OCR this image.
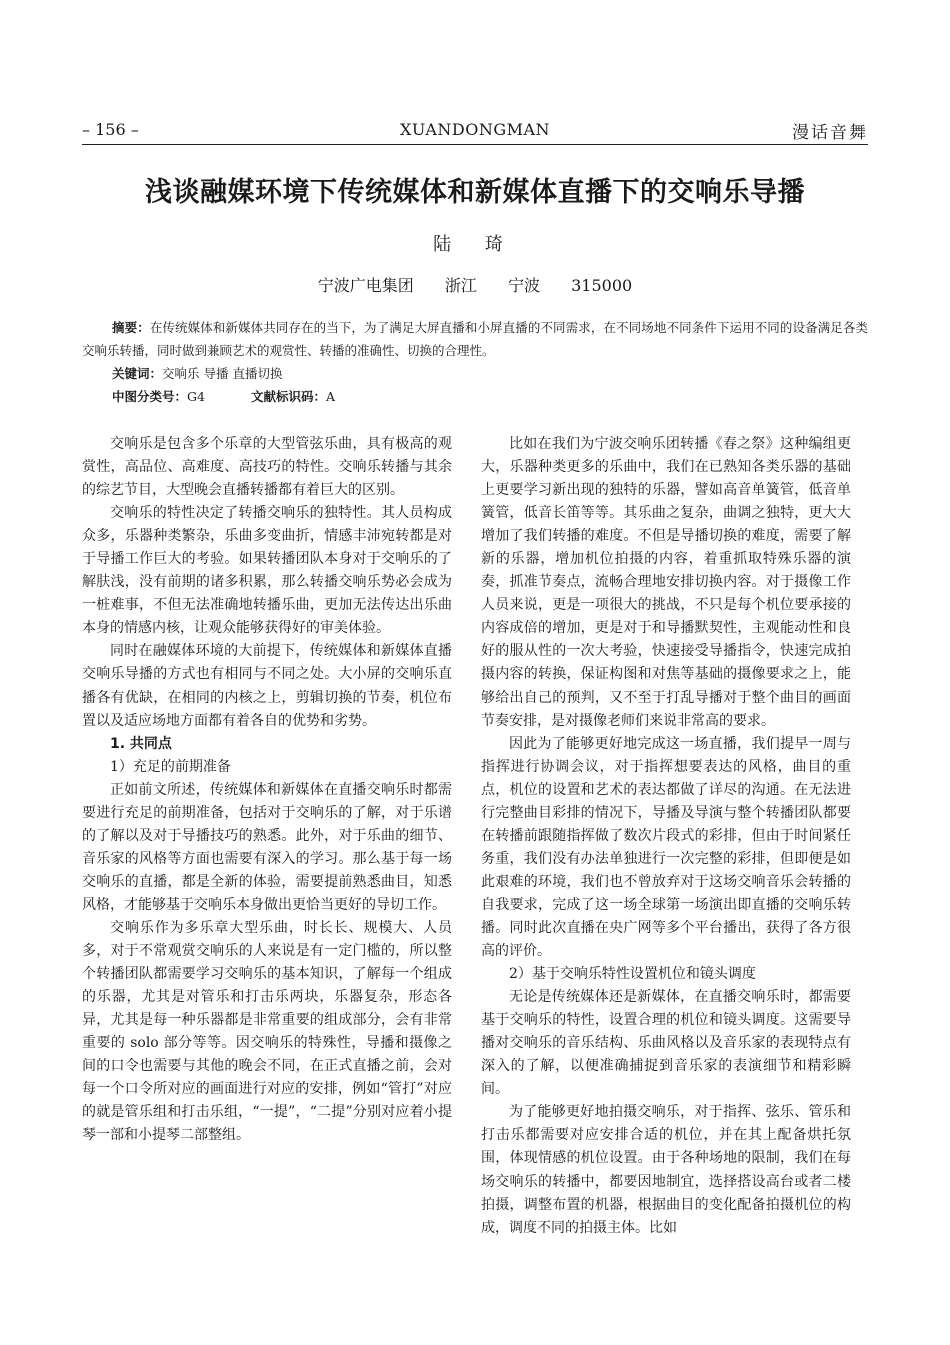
– 156 –	XUANDONGMAN	漫话音舞
浅谈融媒环境下传统媒体和新媒体直播下的交响乐导播
陆 琦
宁波广电集团 浙江 宁波 315000

摘要：在传统媒体和新媒体共同存在的当下，为了满足大屏直播和小屏直播的不同需求，在不同场地不同条件下运用不同的设备满足各类交响乐转播，同时做到兼顾艺术的观赏性、转播的准确性、切换的合理性。

关键词：交响乐 导播 直播切换

中图分类号：G4	文献标识码：A

交响乐是包含多个乐章的大型管弦乐曲，具有极高的观赏性，高品位、高难度、高技巧的特性。交响乐转播与其余的综艺节目，大型晚会直播转播都有着巨大的区别。

交响乐的特性决定了转播交响乐的独特性。其人员构成众多，乐器种类繁杂，乐曲多变曲折，情感丰沛宛转都是对于导播工作巨大的考验。如果转播团队本身对于交响乐的了解肤浅，没有前期的诸多积累，那么转播交响乐势必会成为一桩难事，不但无法准确地转播乐曲，更加无法传达出乐曲本身的情感内核，让观众能够获得好的审美体验。

同时在融媒体环境的大前提下，传统媒体和新媒体直播交响乐导播的方式也有相同与不同之处。大小屏的交响乐直播各有优缺，在相同的内核之上，剪辑切换的节奏，机位布置以及适应场地方面都有着各自的优势和劣势。

1. 共同点

1）充足的前期准备

正如前文所述，传统媒体和新媒体在直播交响乐时都需要进行充足的前期准备，包括对于交响乐的了解，对于乐谱的了解以及对于导播技巧的熟悉。此外，对于乐曲的细节、音乐家的风格等方面也需要有深入的学习。那么基于每一场交响乐的直播，都是全新的体验，需要提前熟悉曲目，知悉风格，才能够基于交响乐本身做出更恰当更好的导切工作。

交响乐作为多乐章大型乐曲，时长长、规模大、人员多，对于不常观赏交响乐的人来说是有一定门槛的，所以整个转播团队都需要学习交响乐的基本知识，了解每一个组成的乐器，尤其是对管乐和打击乐两块，乐器复杂，形态各异，尤其是每一种乐器都是非常重要的组成部分，会有非常重要的 solo 部分等等。因交响乐的特殊性，导播和摄像之间的口令也需要与其他的晚会不同，在正式直播之前，会对每一个口令所对应的画面进行对应的安排，例如“管打”对应的就是管乐组和打击乐组，“一提”，“二提”分别对应着小提琴一部和小提琴二部整组。

比如在我们为宁波交响乐团转播《春之祭》这种编组更大，乐器种类更多的乐曲中，我们在已熟知各类乐器的基础上更要学习新出现的独特的乐器，譬如高音单簧管，低音单簧管，低音长笛等等。其乐曲之复杂，曲调之独特，更大大增加了我们转播的难度。不但是导播切换的难度，需要了解新的乐器，增加机位拍摄的内容，着重抓取特殊乐器的演奏，抓准节奏点，流畅合理地安排切换内容。对于摄像工作人员来说，更是一项很大的挑战，不只是每个机位要承接的内容成倍的增加，更是对于和导播默契性，主观能动性和良好的服从性的一次大考验，快速接受导播指令，快速完成拍摄内容的转换，保证构图和对焦等基础的摄像要求之上，能够给出自己的预判，又不至于打乱导播对于整个曲目的画面节奏安排，是对摄像老师们来说非常高的要求。

因此为了能够更好地完成这一场直播，我们提早一周与指挥进行协调会议，对于指挥想要表达的风格，曲目的重点，机位的设置和艺术的表达都做了详尽的沟通。在无法进行完整曲目彩排的情况下，导播及导演与整个转播团队都要在转播前跟随指挥做了数次片段式的彩排，但由于时间紧任务重，我们没有办法单独进行一次完整的彩排，但即便是如此艰难的环境，我们也不曾放弃对于这场交响音乐会转播的自我要求，完成了这一场全球第一场演出即直播的交响乐转播。同时此次直播在央广网等多个平台播出，获得了各方很高的评价。

2）基于交响乐特性设置机位和镜头调度

无论是传统媒体还是新媒体，在直播交响乐时，都需要基于交响乐的特性，设置合理的机位和镜头调度。这需要导播对交响乐的音乐结构、乐曲风格以及音乐家的表现特点有深入的了解，以便准确捕捉到音乐家的表演细节和精彩瞬间。

为了能够更好地拍摄交响乐，对于指挥、弦乐、管乐和打击乐都需要对应安排合适的机位，并在其上配备烘托氛围，体现情感的机位设置。由于各种场地的限制，我们在每场交响乐的转播中，都要因地制宜，选择搭设高台或者二楼拍摄，调整布置的机器，根据曲目的变化配备拍摄机位的构成，调度不同的拍摄主体。比如
